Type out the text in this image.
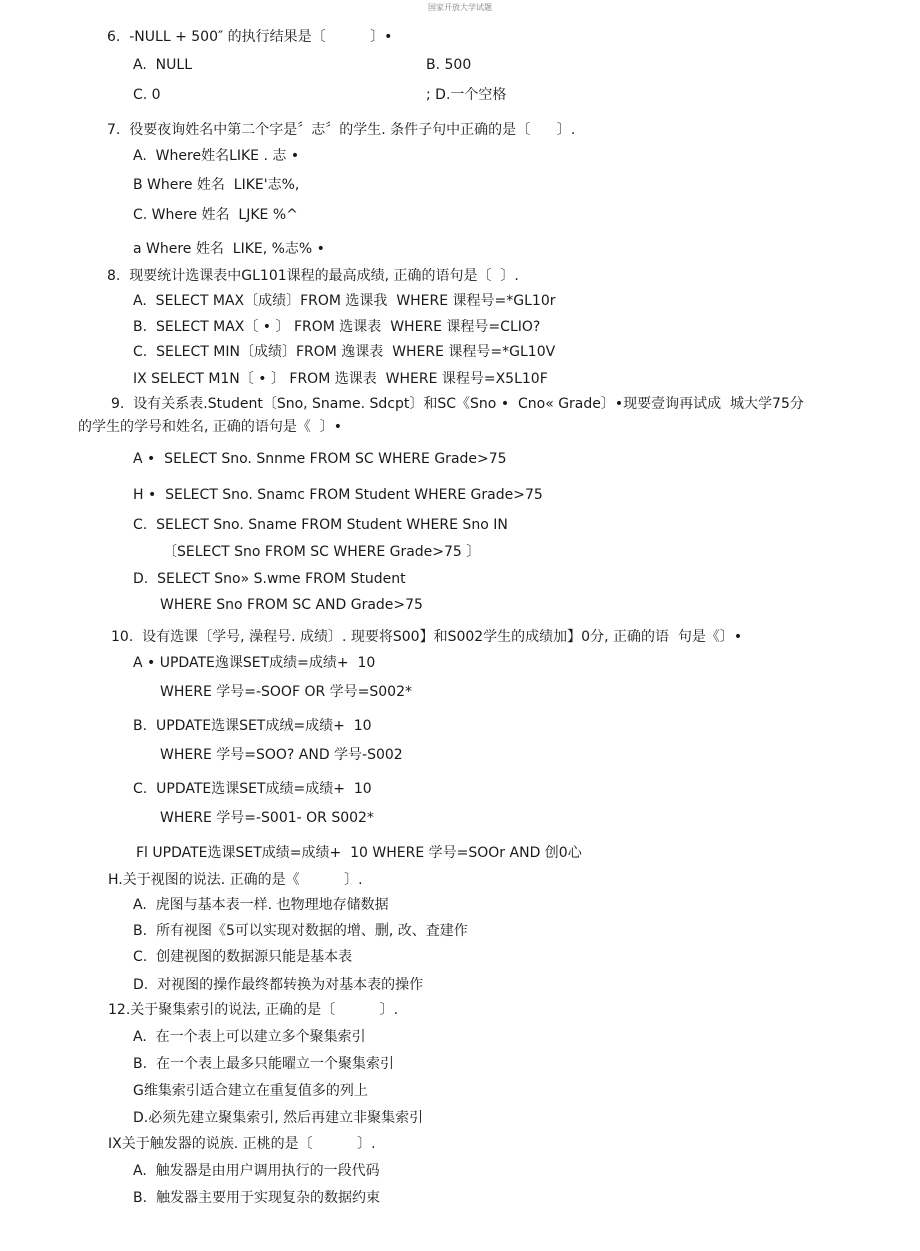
国家开放大学试题
6.  -NULL + 500″ 的执行结果是〔          〕•
A.  NULL	B. 500
C. 0	; D.一个空格
7.  役要夜询姓名中第二个字是〞志〞的学生. 条件子句中正确的是〔      〕.
A.  Where姓名LIKE . 志 •
B Where 姓名  LIKE'志%,
C. Where 姓名  LJKE %^
a Where 姓名  LIKE, %志% •
8.  现要统计选课表中GL101课程的最高成绩, 正确的语句是〔  〕.
A.  SELECT MAX〔成绩〕FROM 选课我  WHERE 课程号=*GL10r
B.  SELECT MAX〔 • 〕 FROM 选课表  WHERE 课程号=CLIO?
C.  SELECT MIN〔成绩〕FROM 逸课表  WHERE 课程号=*GL10V
IX SELECT M1N〔 • 〕 FROM 选课表  WHERE 课程号=X5L10F
9.  设有关系表.Student〔Sno, Sname. Sdcpt〕和SC《Sno •  Cno« Grade〕•现要壹询再试成  城大学75分
的学生的学号和姓名, 正确的语句是《  〕•
A •  SELECT Sno. Snnme FROM SC WHERE Grade>75
H •  SELECT Sno. Snamc FROM Student WHERE Grade>75
C.  SELECT Sno. Sname FROM Student WHERE Sno IN
〔SELECT Sno FROM SC WHERE Grade>75 〕
D.  SELECT Sno» S.wme FROM Student
WHERE Sno FROM SC AND Grade>75
10.  设有选课〔学号, 澡程号. 成绩〕. 现要将S00】和S002学生的成绩加】0分, 正确的语  句是《〕•
A • UPDATE逸课SET成绩=成绩+  10
WHERE 学号=-SOOF OR 学号=S002*
B.  UPDATE选课SET成绒=成绩+  10
WHERE 学号=SOO? AND 学号-S002
C.  UPDATE选课SET成绩=成绩+  10
WHERE 学号=-S001- OR S002*
Fl UPDATE选课SET成绩=成绩+  10 WHERE 学号=SOOr AND 创0心
H.关于视图的说法. 正确的是《          〕.
A.  虎图与基本表一样. 也物理地存储数据
B.  所有视图《5可以实现对数据的增、删, 改、査建作
C.  创建视图的数据源只能是基本表
D.  对视图的操作最终都转换为对基本表的操作
12.关于聚集索引的说法, 正确的是〔          〕.
A.  在一个表上可以建立多个聚集索引
B.  在一个表上最多只能曜立一个聚集索引
G维集索引适合建立在重复值多的列上
D.必须先建立聚集索引, 然后再建立非聚集索引
IX关于触发器的说族. 正桃的是〔          〕.
A.  触发器是由用户调用执行的一段代码
B.  触发器主要用于实现复杂的数据约束
